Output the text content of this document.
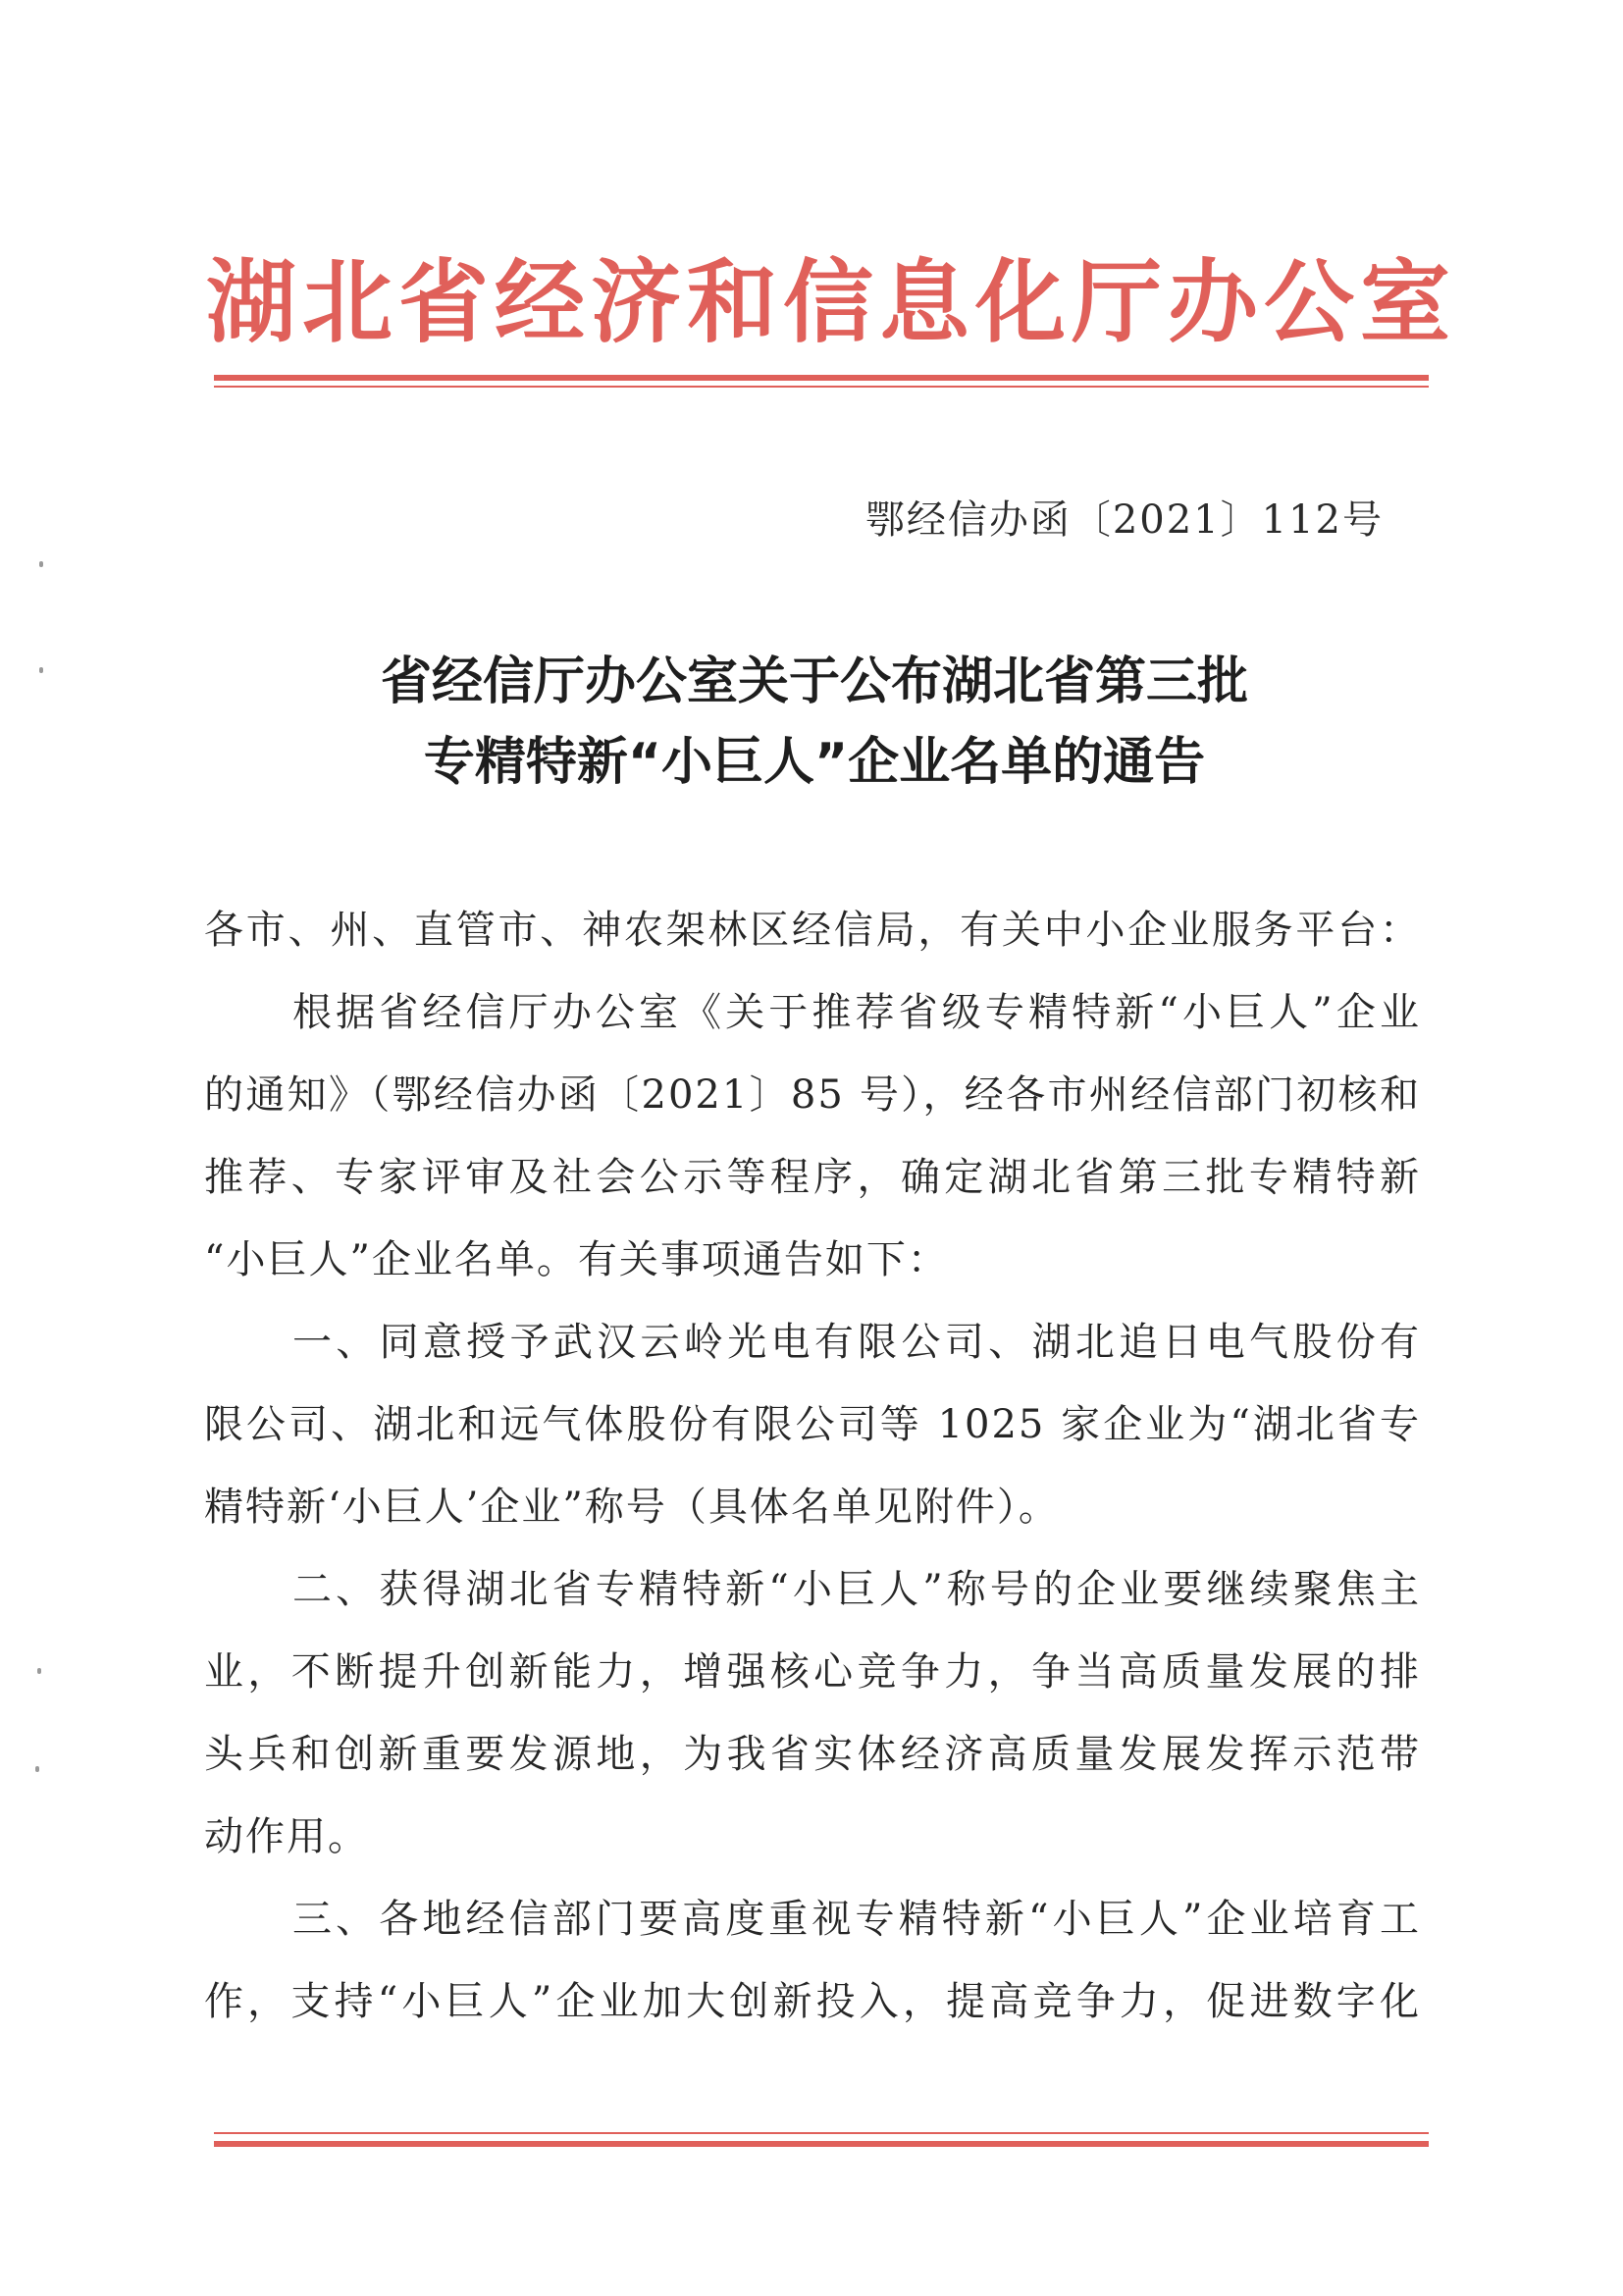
湖北省经济和信息化厅办公室
鄂经信办函〔2021〕112号
省经信厅办公室关于公布湖北省第三批
专精特新“小巨人”企业名单的通告
各市、州、直管市、神农架林区经信局，有关中小企业服务平台：
根据省经信厅办公室《关于推荐省级专精特新“小巨人”企业
的通知》（鄂经信办函〔2021〕85 号），经各市州经信部门初核和
推荐、专家评审及社会公示等程序，确定湖北省第三批专精特新
“小巨人”企业名单。有关事项通告如下：
一、同意授予武汉云岭光电有限公司、湖北追日电气股份有
限公司、湖北和远气体股份有限公司等 1025 家企业为“湖北省专
精特新‘小巨人’企业”称号（具体名单见附件）。
二、获得湖北省专精特新“小巨人”称号的企业要继续聚焦主
业，不断提升创新能力，增强核心竞争力，争当高质量发展的排
头兵和创新重要发源地，为我省实体经济高质量发展发挥示范带
动作用。
三、各地经信部门要高度重视专精特新“小巨人”企业培育工
作，支持“小巨人”企业加大创新投入，提高竞争力，促进数字化
